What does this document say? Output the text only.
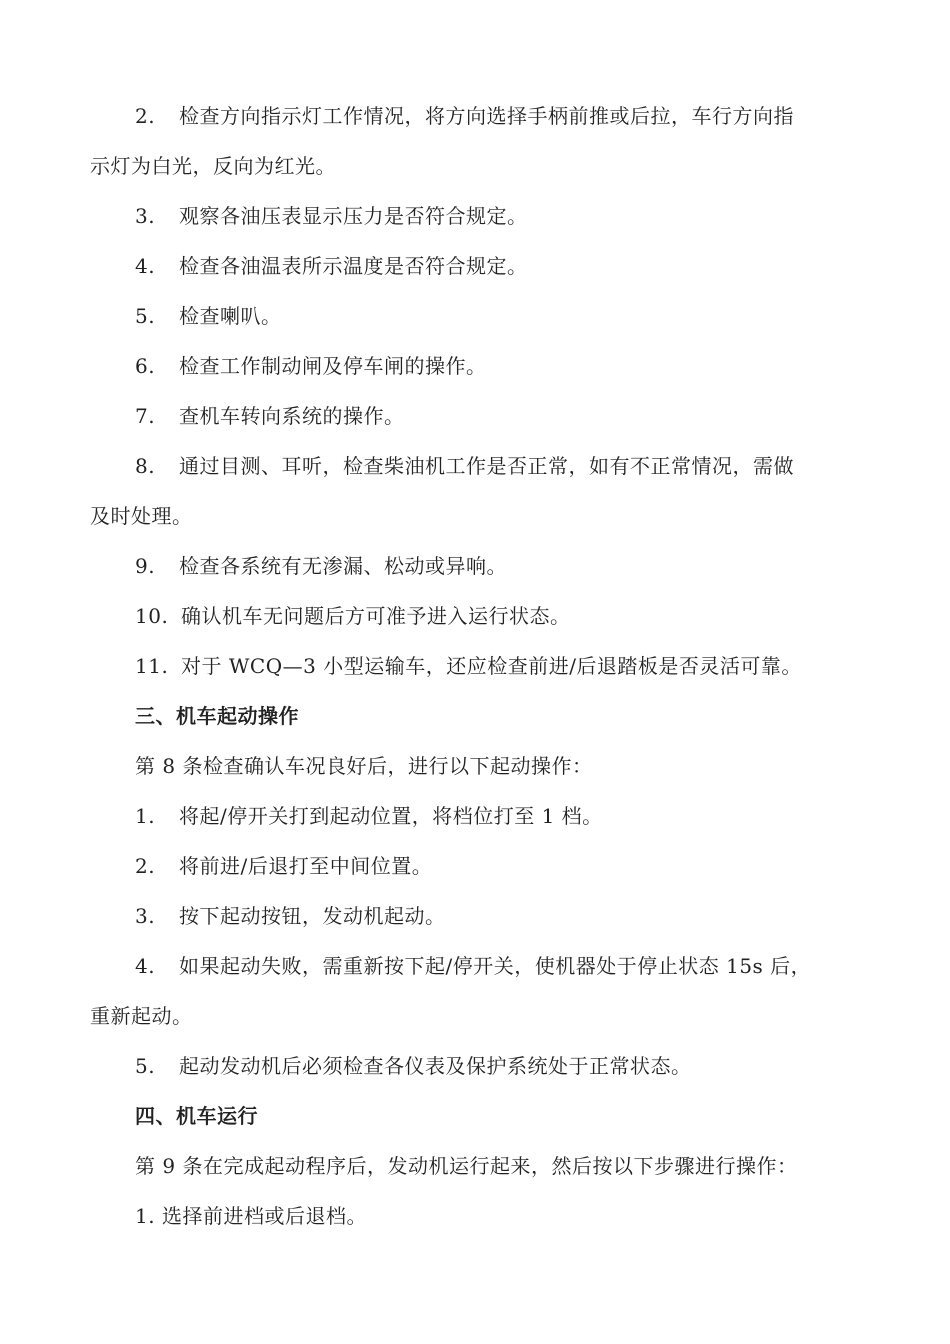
2. 检查方向指示灯工作情况，将方向选择手柄前推或后拉，车行方向指
示灯为白光，反向为红光。
3. 观察各油压表显示压力是否符合规定。
4. 检查各油温表所示温度是否符合规定。
5. 检查喇叭。
6. 检查工作制动闸及停车闸的操作。
7. 查机车转向系统的操作。
8. 通过目测、耳听，检查柴油机工作是否正常，如有不正常情况，需做
及时处理。
9. 检查各系统有无渗漏、松动或异响。
10. 确认机车无问题后方可准予进入运行状态。
11. 对于 WCQ—3 小型运输车，还应检查前进/后退踏板是否灵活可靠。
三、机车起动操作
第 8 条检查确认车况良好后，进行以下起动操作：
1. 将起/停开关打到起动位置，将档位打至 1 档。
2. 将前进/后退打至中间位置。
3. 按下起动按钮，发动机起动。
4. 如果起动失败，需重新按下起/停开关，使机器处于停止状态 15s 后，
重新起动。
5. 起动发动机后必须检查各仪表及保护系统处于正常状态。
四、机车运行
第 9 条在完成起动程序后，发动机运行起来，然后按以下步骤进行操作：
1. 选择前进档或后退档。
